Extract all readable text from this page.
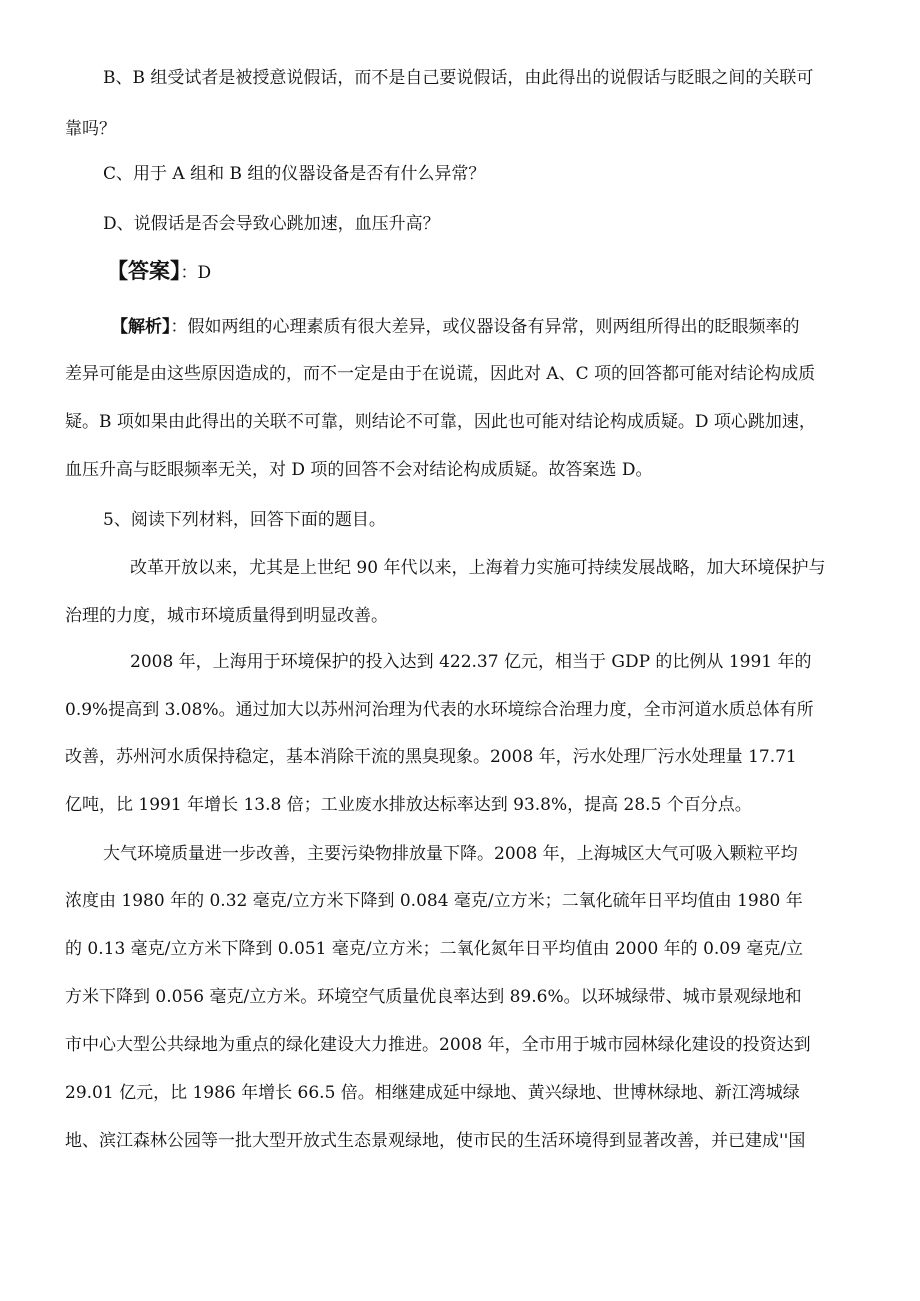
B、B 组受试者是被授意说假话，而不是自己要说假话，由此得出的说假话与眨眼之间的关联可
靠吗？
C、用于 A 组和 B 组的仪器设备是否有什么异常？
D、说假话是否会导致心跳加速，血压升高？
【答案】：D
【解析】：假如两组的心理素质有很大差异，或仪器设备有异常，则两组所得出的眨眼频率的
差异可能是由这些原因造成的，而不一定是由于在说谎，因此对 A、C 项的回答都可能对结论构成质
疑。B 项如果由此得出的关联不可靠，则结论不可靠，因此也可能对结论构成质疑。D 项心跳加速，
血压升高与眨眼频率无关，对 D 项的回答不会对结论构成质疑。故答案选 D。
5、阅读下列材料，回答下面的题目。
改革开放以来，尤其是上世纪 90 年代以来，上海着力实施可持续发展战略，加大环境保护与
治理的力度，城市环境质量得到明显改善。
2008 年，上海用于环境保护的投入达到 422.37 亿元，相当于 GDP 的比例从 1991 年的
0.9%提高到 3.08%。通过加大以苏州河治理为代表的水环境综合治理力度，全市河道水质总体有所
改善，苏州河水质保持稳定，基本消除干流的黑臭现象。2008 年，污水处理厂污水处理量 17.71
亿吨，比 1991 年增长 13.8 倍；工业废水排放达标率达到 93.8%，提高 28.5 个百分点。
大气环境质量进一步改善，主要污染物排放量下降。2008 年，上海城区大气可吸入颗粒平均
浓度由 1980 年的 0.32 毫克/立方米下降到 0.084 毫克/立方米；二氧化硫年日平均值由 1980 年
的 0.13 毫克/立方米下降到 0.051 毫克/立方米；二氧化氮年日平均值由 2000 年的 0.09 毫克/立
方米下降到 0.056 毫克/立方米。环境空气质量优良率达到 89.6%。以环城绿带、城市景观绿地和
市中心大型公共绿地为重点的绿化建设大力推进。2008 年，全市用于城市园林绿化建设的投资达到
29.01 亿元，比 1986 年增长 66.5 倍。相继建成延中绿地、黄兴绿地、世博林绿地、新江湾城绿
地、滨江森林公园等一批大型开放式生态景观绿地，使市民的生活环境得到显著改善，并已建成''国
